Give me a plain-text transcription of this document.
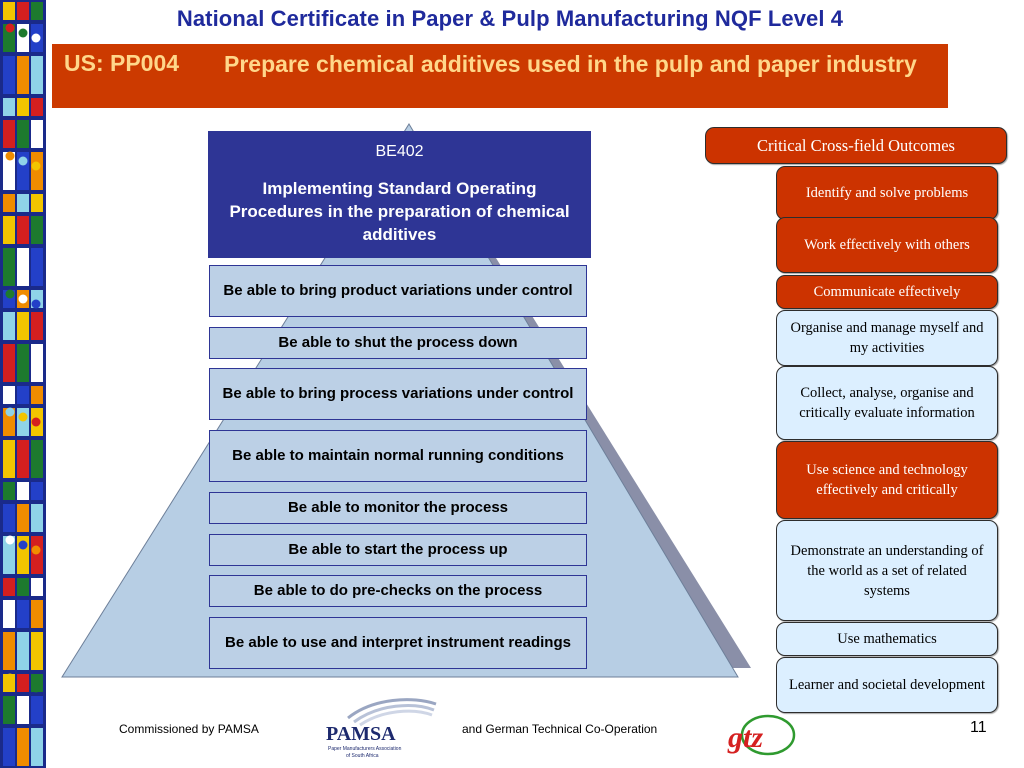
National Certificate in Paper & Pulp Manufacturing NQF Level 4
US: PP004 Prepare chemical additives used in the pulp and paper industry
BE402
Implementing Standard Operating Procedures in the preparation of chemical additives
Be able to bring product variations under control
Be able to shut the process down
Be able to bring process variations under control
Be able to maintain normal running conditions
Be able to monitor the process
Be able to start the process up
Be able to do pre-checks on the process
Be able to use and interpret instrument readings
Critical Cross-field Outcomes
Identify and solve problems
Work effectively with others
Communicate effectively
Organise and manage myself and my activities
Collect, analyse, organise and critically evaluate information
Use science and technology effectively and critically
Demonstrate an understanding of the world as a set of related systems
Use mathematics
Learner and societal development
Commissioned by PAMSA	PAMSA
Paper Manufacturers Association
of South Africa
and German Technical Co-Operation gtz	11
